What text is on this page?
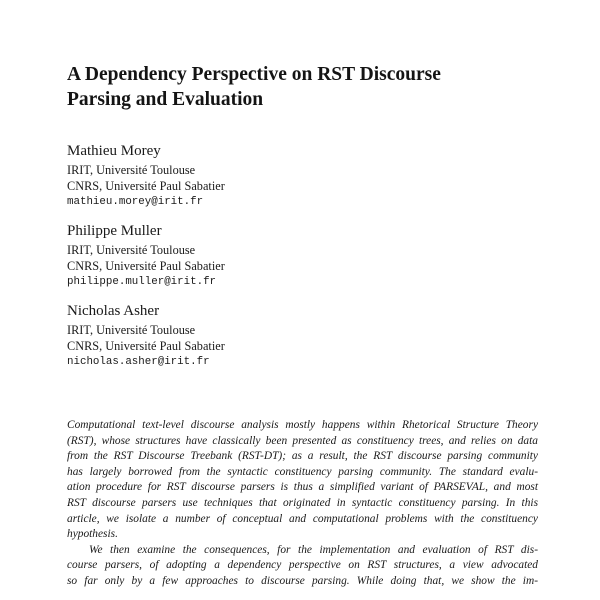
A Dependency Perspective on RST Discourse
Parsing and Evaluation

Mathieu Morey

IRIT, Université Toulouse

CNRS, Université Paul Sabatier

mathieu.morey@irit.fr

Philippe Muller

IRIT, Université Toulouse

CNRS, Université Paul Sabatier

philippe.muller@irit.fr

Nicholas Asher

IRIT, Université Toulouse

CNRS, Université Paul Sabatier

nicholas.asher@irit.fr

Computational text-level discourse analysis mostly happens within Rhetorical Structure Theory
(RST), whose structures have classically been presented as constituency trees, and relies on data
from the RST Discourse Treebank (RST-DT); as a result, the RST discourse parsing community
has largely borrowed from the syntactic constituency parsing community. The standard evalu-
ation procedure for RST discourse parsers is thus a simplified variant of PARSEVAL, and most
RST discourse parsers use techniques that originated in syntactic constituency parsing. In this
article, we isolate a number of conceptual and computational problems with the constituency
hypothesis.
We then examine the consequences, for the implementation and evaluation of RST dis-
course parsers, of adopting a dependency perspective on RST structures, a view advocated
so far only by a few approaches to discourse parsing. While doing that, we show the im-
